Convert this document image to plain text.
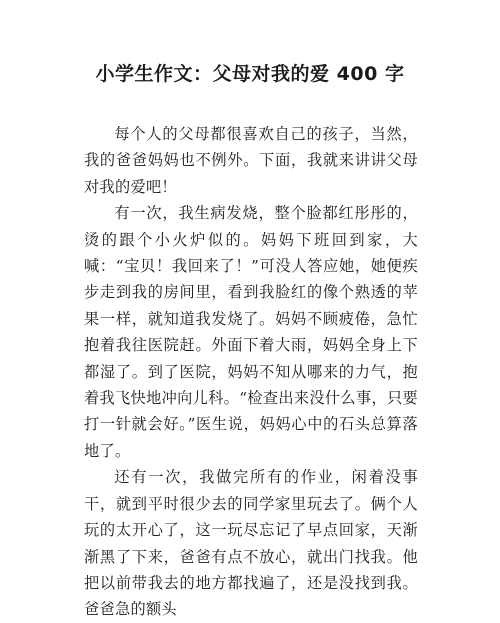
小学生作文：父母对我的爱 400 字

每个人的父母都很喜欢自己的孩子，当然，我的爸爸妈妈也不例外。下面，我就来讲讲父母对我的爱吧！

有一次，我生病发烧，整个脸都红彤彤的，烫的跟个小火炉似的。妈妈下班回到家，大喊：“宝贝！我回来了！”可没人答应她，她便疾步走到我的房间里，看到我脸红的像个熟透的苹果一样，就知道我发烧了。妈妈不顾疲倦，急忙抱着我往医院赶。外面下着大雨，妈妈全身上下都湿了。到了医院，妈妈不知从哪来的力气，抱着我飞快地冲向儿科。“检查出来没什么事，只要打一针就会好。”医生说，妈妈心中的石头总算落地了。

还有一次，我做完所有的作业，闲着没事干，就到平时很少去的同学家里玩去了。俩个人玩的太开心了，这一玩尽忘记了早点回家，天渐渐黑了下来，爸爸有点不放心，就出门找我。他把以前带我去的地方都找遍了，还是没找到我。爸爸急的额头
